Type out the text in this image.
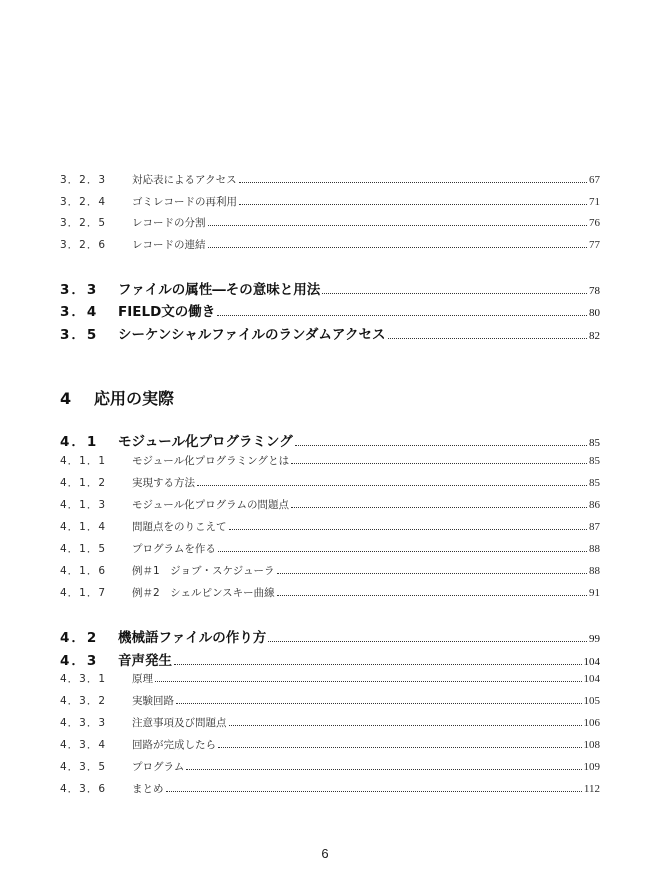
3．2．3	対応表によるアクセス	67
3．2．4	ゴミレコードの再利用	71
3．2．5	レコードの分割	76
3．2．6	レコードの連結	77
3．3	ファイルの属性―その意味と用法	78
3．4	FIELD文の働き	80
3．5	シーケンシャルファイルのランダムアクセス	82
4 応用の実際
4．1	モジュール化プログラミング	85
4．1．1	モジュール化プログラミングとは	85
4．1．2	実現する方法	85
4．1．3	モジュール化プログラムの問題点	86
4．1．4	問題点をのりこえて	87
4．1．5	プログラムを作る	88
4．1．6	例＃1　ジョブ・スケジューラ	88
4．1．7	例＃2　シェルピンスキー曲線	91
4．2	機械語ファイルの作り方	99
4．3	音声発生	104
4．3．1	原理	104
4．3．2	実験回路	105
4．3．3	注意事項及び問題点	106
4．3．4	回路が完成したら	108
4．3．5	プログラム	109
4．3．6	まとめ	112
6
